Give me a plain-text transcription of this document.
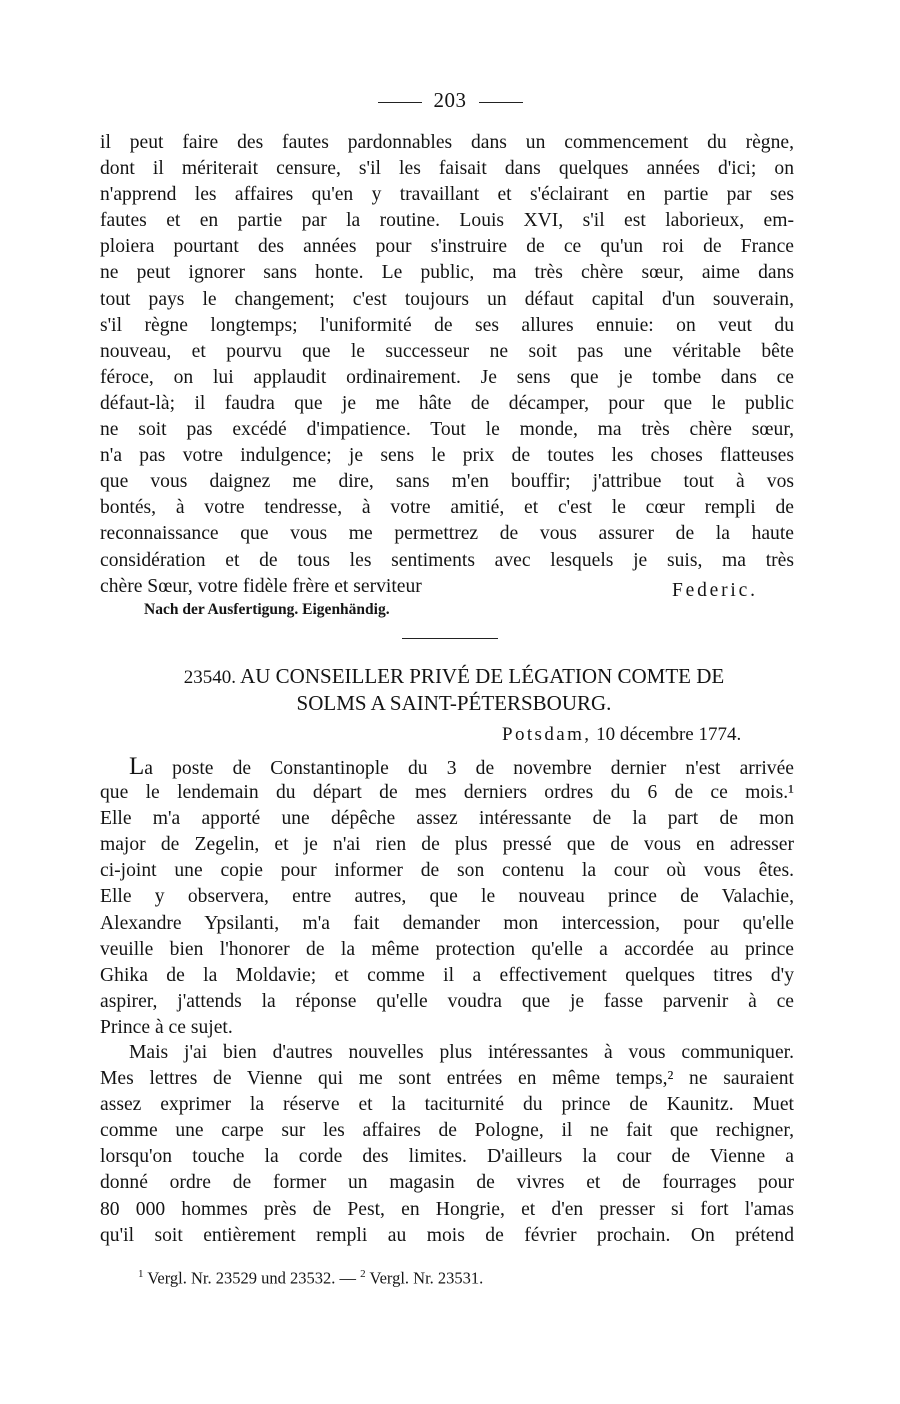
203
il peut faire des fautes pardonnables dans un commencement du règne,
dont il mériterait censure, s'il les faisait dans quelques années d'ici; on
n'apprend les affaires qu'en y travaillant et s'éclairant en partie par ses
fautes et en partie par la routine. Louis XVI, s'il est laborieux, em-
ploiera pourtant des années pour s'instruire de ce qu'un roi de France
ne peut ignorer sans honte. Le public, ma très chère sœur, aime dans
tout pays le changement; c'est toujours un défaut capital d'un souverain,
s'il règne longtemps; l'uniformité de ses allures ennuie: on veut du
nouveau, et pourvu que le successeur ne soit pas une véritable bête
féroce, on lui applaudit ordinairement. Je sens que je tombe dans ce
défaut-là; il faudra que je me hâte de décamper, pour que le public
ne soit pas excédé d'impatience. Tout le monde, ma très chère sœur,
n'a pas votre indulgence; je sens le prix de toutes les choses flatteuses
que vous daignez me dire, sans m'en bouffir; j'attribue tout à vos
bontés, à votre tendresse, à votre amitié, et c'est le cœur rempli de
reconnaissance que vous me permettrez de vous assurer de la haute
considération et de tous les sentiments avec lesquels je suis, ma très
chère Sœur, votre fidèle frère et serviteur	Federic.
Nach der Ausfertigung. Eigenhändig.
23540. AU CONSEILLER PRIVÉ DE LÉGATION COMTE DE
SOLMS A SAINT-PÉTERSBOURG.
Potsdam, 10 décembre 1774.
La poste de Constantinople du 3 de novembre dernier n'est arrivée
que le lendemain du départ de mes derniers ordres du 6 de ce mois.¹
Elle m'a apporté une dépêche assez intéressante de la part de mon
major de Zegelin, et je n'ai rien de plus pressé que de vous en adresser
ci-joint une copie pour informer de son contenu la cour où vous êtes.
Elle y observera, entre autres, que le nouveau prince de Valachie,
Alexandre Ypsilanti, m'a fait demander mon intercession, pour qu'elle
veuille bien l'honorer de la même protection qu'elle a accordée au prince
Ghika de la Moldavie; et comme il a effectivement quelques titres d'y
aspirer, j'attends la réponse qu'elle voudra que je fasse parvenir à ce
Prince à ce sujet.
Mais j'ai bien d'autres nouvelles plus intéressantes à vous communiquer.
Mes lettres de Vienne qui me sont entrées en même temps,² ne sauraient
assez exprimer la réserve et la taciturnité du prince de Kaunitz. Muet
comme une carpe sur les affaires de Pologne, il ne fait que rechigner,
lorsqu'on touche la corde des limites. D'ailleurs la cour de Vienne a
donné ordre de former un magasin de vivres et de fourrages pour
80 000 hommes près de Pest, en Hongrie, et d'en presser si fort l'amas
qu'il soit entièrement rempli au mois de février prochain. On prétend
$^1$ Vergl. Nr. 23529 und 23532. — $^2$ Vergl. Nr. 23531.
